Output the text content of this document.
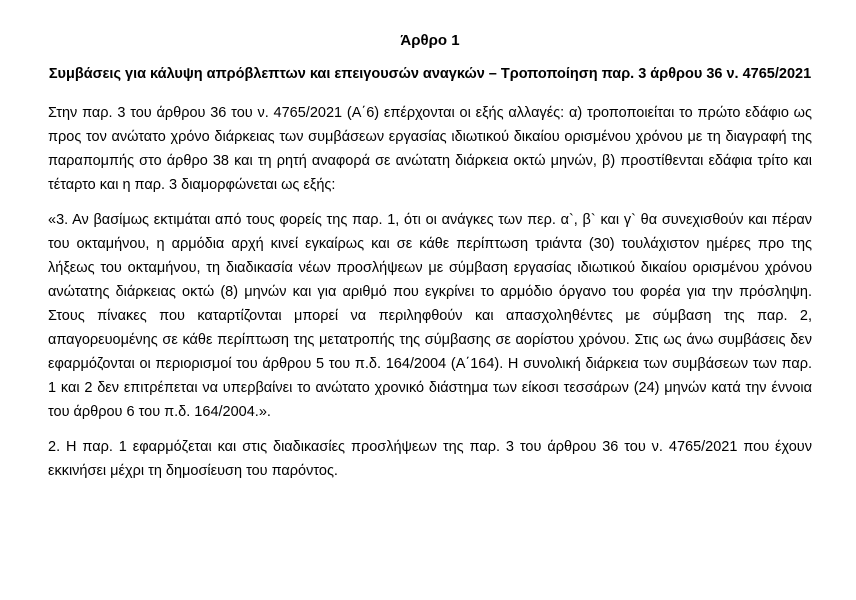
Άρθρο 1
Συμβάσεις για κάλυψη απρόβλεπτων και επειγουσών αναγκών – Τροποποίηση παρ. 3 άρθρου 36 ν. 4765/2021

Στην παρ. 3 του άρθρου 36 του ν. 4765/2021 (Α΄6) επέρχονται οι εξής αλλαγές: α) τροποποιείται το πρώτο εδάφιο ως προς τον ανώτατο χρόνο διάρκειας των συμβάσεων εργασίας ιδιωτικού δικαίου ορισμένου χρόνου με τη διαγραφή της παραπομπής στο άρθρο 38 και τη ρητή αναφορά σε ανώτατη διάρκεια οκτώ μηνών, β) προστίθενται εδάφια τρίτο και τέταρτο και η παρ. 3 διαμορφώνεται ως εξής:

«3. Αν βασίμως εκτιμάται από τους φορείς της παρ. 1, ότι οι ανάγκες των περ. α`, β` και γ` θα συνεχισθούν και πέραν του οκταμήνου, η αρμόδια αρχή κινεί εγκαίρως και σε κάθε περίπτωση τριάντα (30) τουλάχιστον ημέρες προ της λήξεως του οκταμήνου, τη διαδικασία νέων προσλήψεων με σύμβαση εργασίας ιδιωτικού δικαίου ορισμένου χρόνου ανώτατης διάρκειας οκτώ (8) μηνών και για αριθμό που εγκρίνει το αρμόδιο όργανο του φορέα για την πρόσληψη. Στους πίνακες που καταρτίζονται μπορεί να περιληφθούν και απασχοληθέντες με σύμβαση της παρ. 2, απαγορευομένης σε κάθε περίπτωση της μετατροπής της σύμβασης σε αορίστου χρόνου. Στις ως άνω συμβάσεις δεν εφαρμόζονται οι περιορισμοί του άρθρου 5 του π.δ. 164/2004 (Α΄164). Η συνολική διάρκεια των συμβάσεων των παρ. 1 και 2 δεν επιτρέπεται να υπερβαίνει το ανώτατο χρονικό διάστημα των είκοσι τεσσάρων (24) μηνών κατά την έννοια του άρθρου 6 του π.δ. 164/2004.».

2. Η παρ. 1 εφαρμόζεται και στις διαδικασίες προσλήψεων της παρ. 3 του άρθρου 36 του ν. 4765/2021 που έχουν εκκινήσει μέχρι τη δημοσίευση του παρόντος.
